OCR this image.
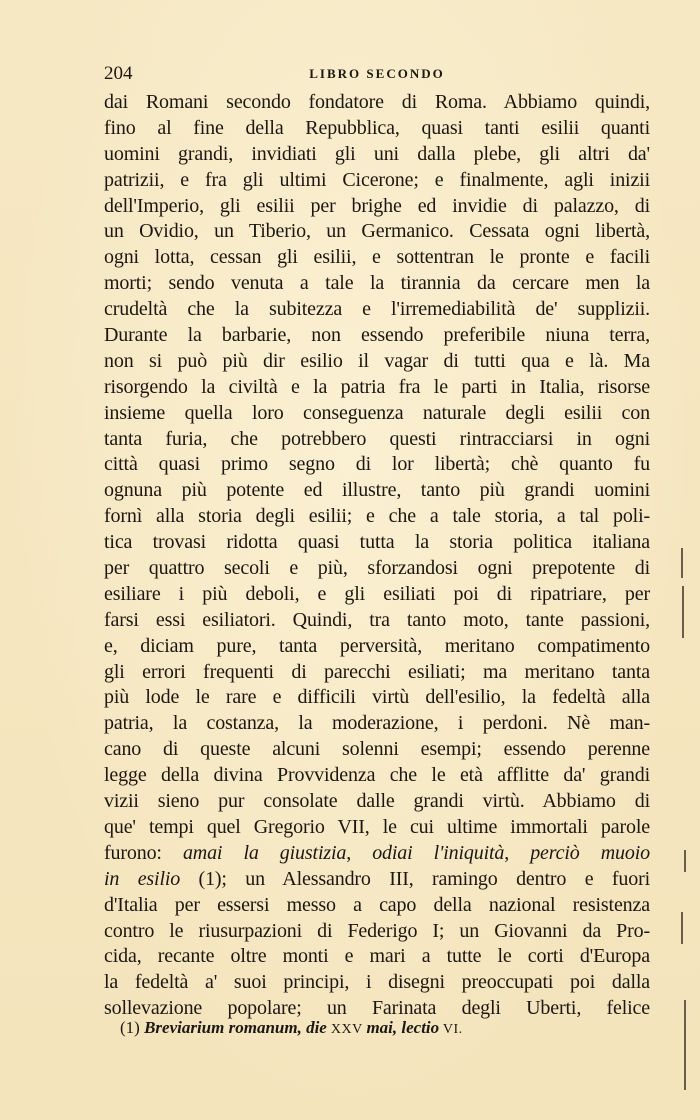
204	LIBRO SECONDO
dai Romani secondo fondatore di Roma. Abbiamo quindi,
fino al fine della Repubblica, quasi tanti esilii quanti
uomini grandi, invidiati gli uni dalla plebe, gli altri da'
patrizii, e fra gli ultimi Cicerone; e finalmente, agli inizii
dell'Imperio, gli esilii per brighe ed invidie di palazzo, di
un Ovidio, un Tiberio, un Germanico. Cessata ogni libertà,
ogni lotta, cessan gli esilii, e sottentran le pronte e facili
morti; sendo venuta a tale la tirannia da cercare men la
crudeltà che la subitezza e l'irremediabilità de' supplizii.
Durante la barbarie, non essendo preferibile niuna terra,
non si può più dir esilio il vagar di tutti qua e là. Ma
risorgendo la civiltà e la patria fra le parti in Italia, risorse
insieme quella loro conseguenza naturale degli esilii con
tanta furia, che potrebbero questi rintracciarsi in ogni
città quasi primo segno di lor libertà; chè quanto fu
ognuna più potente ed illustre, tanto più grandi uomini
fornì alla storia degli esilii; e che a tale storia, a tal poli-
tica trovasi ridotta quasi tutta la storia politica italiana
per quattro secoli e più, sforzandosi ogni prepotente di
esiliare i più deboli, e gli esiliati poi di ripatriare, per
farsi essi esiliatori. Quindi, tra tanto moto, tante passioni,
e, diciam pure, tanta perversità, meritano compatimento
gli errori frequenti di parecchi esiliati; ma meritano tanta
più lode le rare e difficili virtù dell'esilio, la fedeltà alla
patria, la costanza, la moderazione, i perdoni. Nè man-
cano di queste alcuni solenni esempi; essendo perenne
legge della divina Provvidenza che le età afflitte da' grandi
vizii sieno pur consolate dalle grandi virtù. Abbiamo di
que' tempi quel Gregorio VII, le cui ultime immortali parole
furono: amai la giustizia, odiai l'iniquità, perciò muoio
in esilio (1); un Alessandro III, ramingo dentro e fuori
d'Italia per essersi messo a capo della nazional resistenza
contro le riusurpazioni di Federigo I; un Giovanni da Pro-
cida, recante oltre monti e mari a tutte le corti d'Europa
la fedeltà a' suoi principi, i disegni preoccupati poi dalla
sollevazione popolare; un Farinata degli Uberti, felice
(1) Breviarium romanum, die XXV mai, lectio VI.
